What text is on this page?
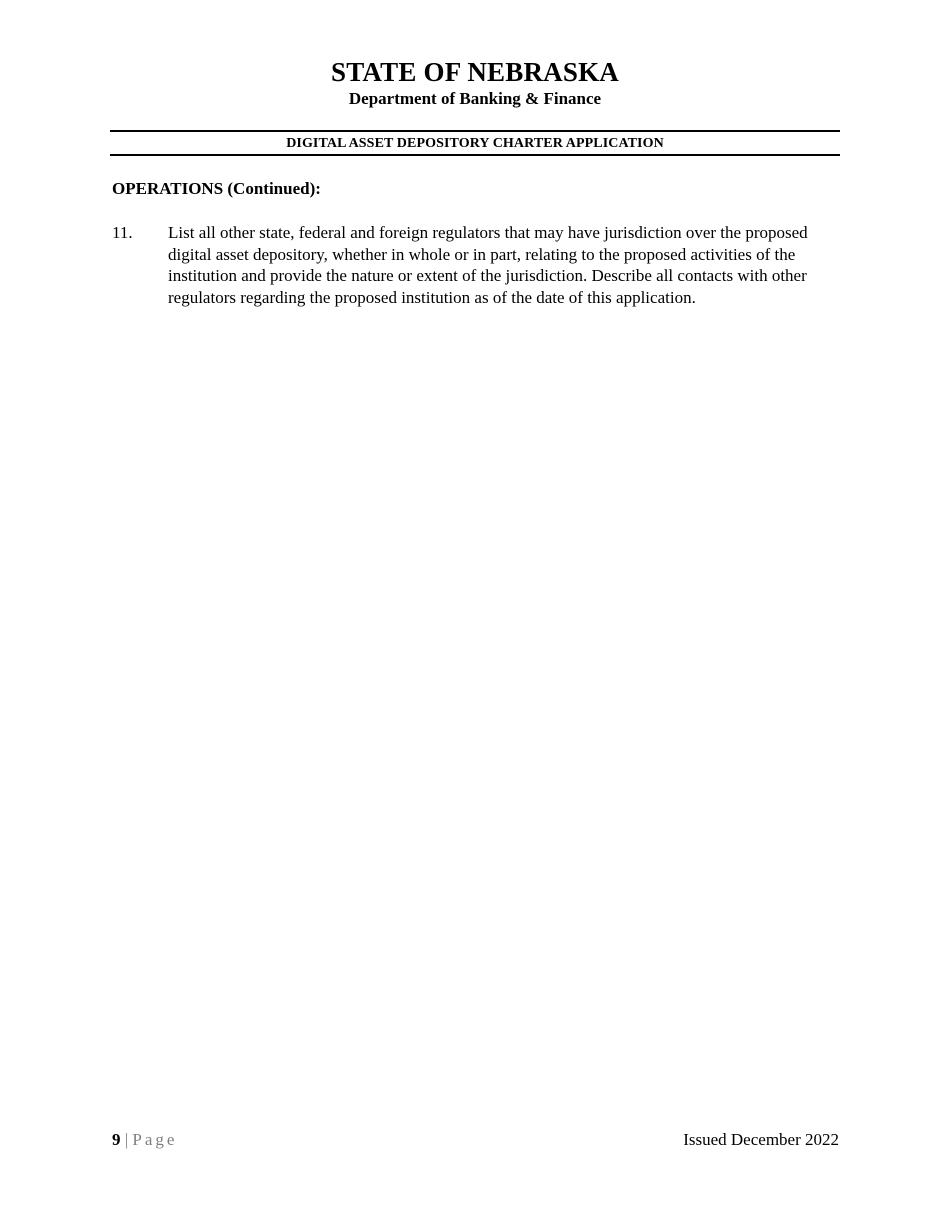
STATE OF NEBRASKA
Department of Banking & Finance
DIGITAL ASSET DEPOSITORY CHARTER APPLICATION
OPERATIONS (Continued):
11.	List all other state, federal and foreign regulators that may have jurisdiction over the proposed digital asset depository, whether in whole or in part, relating to the proposed activities of the institution and provide the nature or extent of the jurisdiction. Describe all contacts with other regulators regarding the proposed institution as of the date of this application.
9 | Page	Issued December 2022
